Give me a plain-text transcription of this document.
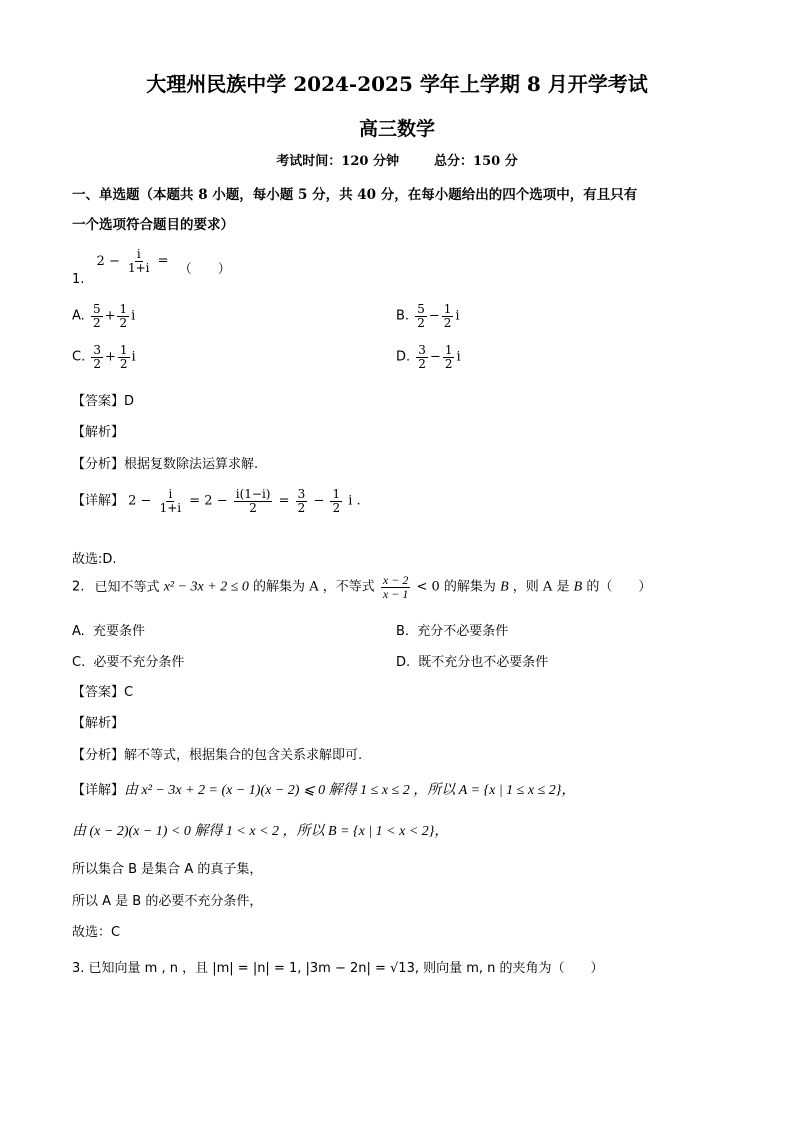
大理州民族中学 2024-2025 学年上学期 8 月开学考试
高三数学
考试时间：120 分钟	总分：150 分
一、单选题（本题共 8 小题，每小题 5 分，共 40 分，在每小题给出的四个选项中，有且只有
一个选项符合题目的要求）
1. $2 - \frac{i}{1+i}$ = （　　）
A. $\frac{5}{2} + \frac{1}{2}$ i	B. $\frac{5}{2} - \frac{1}{2}$ i
C. $\frac{3}{2} + \frac{1}{2}$ i	D. $\frac{3}{2} - \frac{1}{2}$ i
【答案】D
【解析】
【分析】根据复数除法运算求解.
【详解】 $2 - \frac{i}{1+i} = 2 - \frac{i(1-i)}{2} = \frac{3}{2} - \frac{1}{2}$ i .
故选:D.
2. 已知不等式 x² − 3x + 2 ≤ 0 的解集为 A ，不等式 $\frac{x - 2}{x - 1} < 0$ 的解集为 B ，则 A 是 B 的（　　）
A. 充要条件	B. 充分不必要条件
C. 必要不充分条件	D. 既不充分也不必要条件
【答案】C
【解析】
【分析】解不等式，根据集合的包含关系求解即可.
【详解】由 x² − 3x + 2 = (x − 1)(x − 2) ⩽ 0 解得 1 ≤ x ≤ 2 ，所以 A = {x | 1 ≤ x ≤ 2}，
由 (x − 2)(x − 1) < 0 解得 1 < x < 2 ，所以 B = {x | 1 < x < 2}，
所以集合 B 是集合 A 的真子集，
所以 A 是 B 的必要不充分条件，
故选：C
3. 已知向量 m , n ，且 |m| = |n| = 1, |3m − 2n| = √13, 则向量 m, n 的夹角为（　　）
